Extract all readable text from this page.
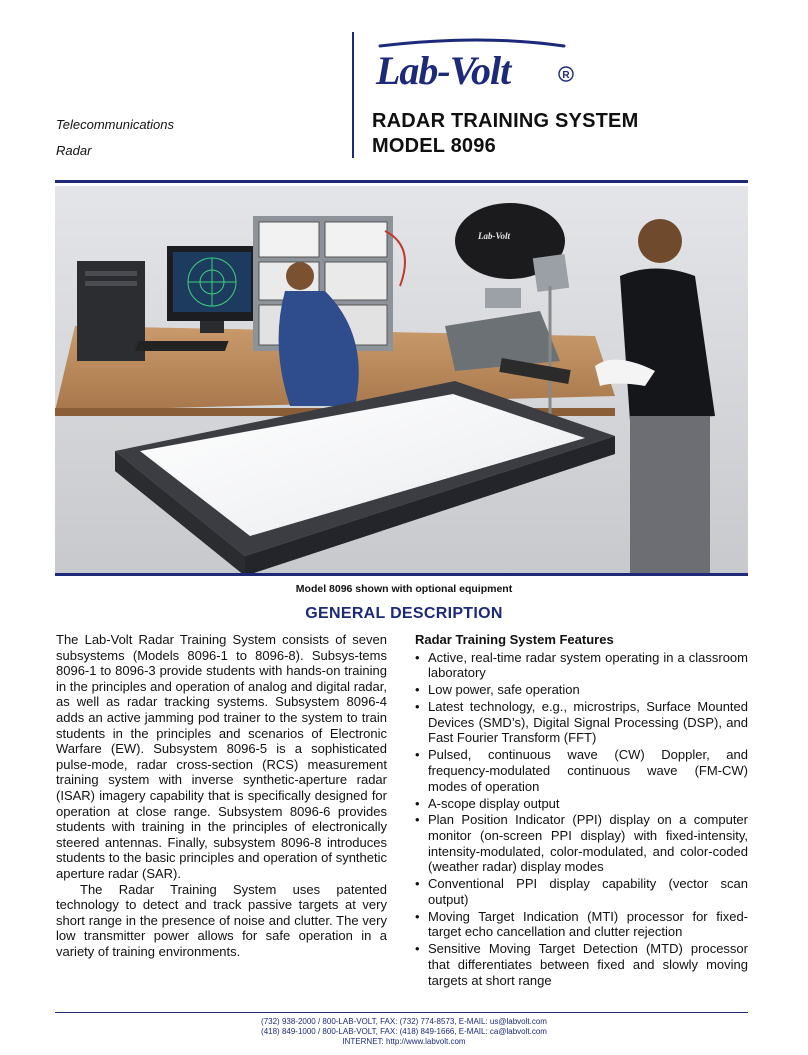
Telecommunications
Radar
Lab-Volt	R
RADAR TRAINING SYSTEM
MODEL 8096
Lab-Volt
Model 8096 shown with optional equipment
GENERAL DESCRIPTION

The Lab-Volt Radar Training System consists of seven subsystems (Models 8096-1 to 8096-8). Subsys-tems 8096-1 to 8096-3 provide students with hands-on training in the principles and operation of analog and digital radar, as well as radar tracking systems. Subsystem 8096-4 adds an active jamming pod trainer to the system to train students in the principles and scenarios of Electronic Warfare (EW). Subsystem 8096-5 is a sophisticated pulse-mode, radar cross-section (RCS) measurement training system with inverse synthetic-aperture radar (ISAR) imagery capability that is specifically designed for operation at close range. Subsystem 8096-6 provides students with training in the principles of electronically steered antennas. Finally, subsystem 8096-8 introduces students to the basic principles and operation of synthetic aperture radar (SAR).

The Radar Training System uses patented technology to detect and track passive targets at very short range in the presence of noise and clutter. The very low transmitter power allows for safe operation in a variety of training environments.

Radar Training System Features
• Active, real-time radar system operating in a classroom laboratory
• Low power, safe operation
• Latest technology, e.g., microstrips, Surface Mounted Devices (SMD’s), Digital Signal Processing (DSP), and Fast Fourier Transform (FFT)
• Pulsed, continuous wave (CW) Doppler, and frequency-modulated continuous wave (FM-CW) modes of operation
• A-scope display output
• Plan Position Indicator (PPI) display on a computer monitor (on-screen PPI display) with fixed-intensity, intensity-modulated, color-modulated, and color-coded (weather radar) display modes
• Conventional PPI display capability (vector scan output)
• Moving Target Indication (MTI) processor for fixed-target echo cancellation and clutter rejection
• Sensitive Moving Target Detection (MTD) processor that differentiates between fixed and slowly moving targets at short range
(732) 938-2000 / 800-LAB-VOLT, FAX: (732) 774-8573, E-MAIL: us@labvolt.com
(418) 849-1000 / 800-LAB-VOLT, FAX: (418) 849-1666, E-MAIL: ca@labvolt.com
INTERNET: http://www.labvolt.com
